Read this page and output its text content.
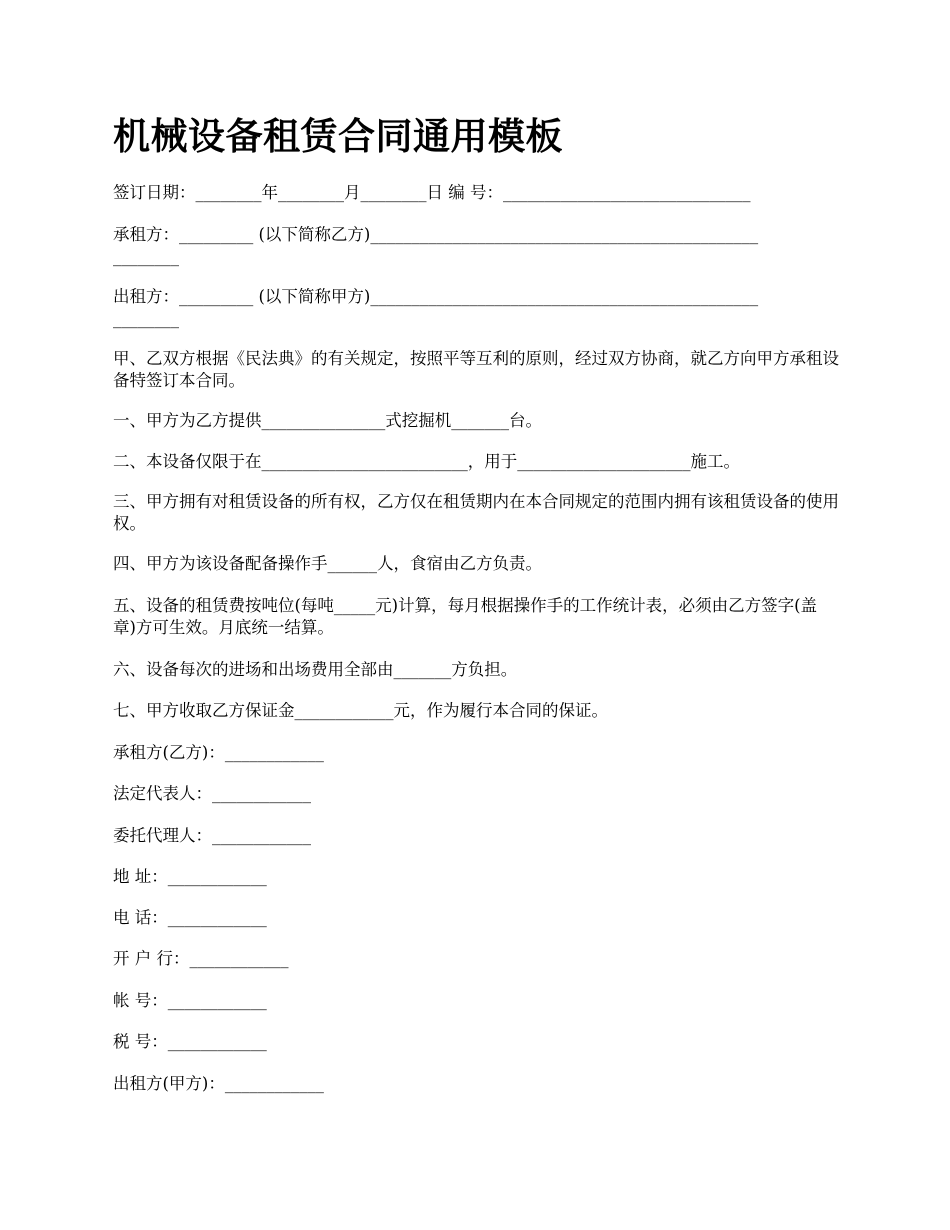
机械设备租赁合同通用模板

签订日期：________年________月________日 编 号：______________________________

承租方：_________ (以下简称乙方)_______________________________________________

________

出租方：_________ (以下简称甲方)_______________________________________________

________

甲、乙双方根据《民法典》的有关规定，按照平等互利的原则，经过双方协商，就乙方向甲方承租设备特签订本合同。

一、甲方为乙方提供_______________式挖掘机_______台。

二、本设备仅限于在_________________________，用于_____________________施工。

三、甲方拥有对租赁设备的所有权，乙方仅在租赁期内在本合同规定的范围内拥有该租赁设备的使用权。

四、甲方为该设备配备操作手______人，食宿由乙方负责。

五、设备的租赁费按吨位(每吨_____元)计算，每月根据操作手的工作统计表，必须由乙方签字(盖章)方可生效。月底统一结算。

六、设备每次的进场和出场费用全部由_______方负担。

七、甲方收取乙方保证金____________元，作为履行本合同的保证。

承租方(乙方)：____________

法定代表人：____________

委托代理人：____________

地 址：____________

电 话：____________

开 户 行：____________

帐 号：____________

税 号：____________

出租方(甲方)：____________
